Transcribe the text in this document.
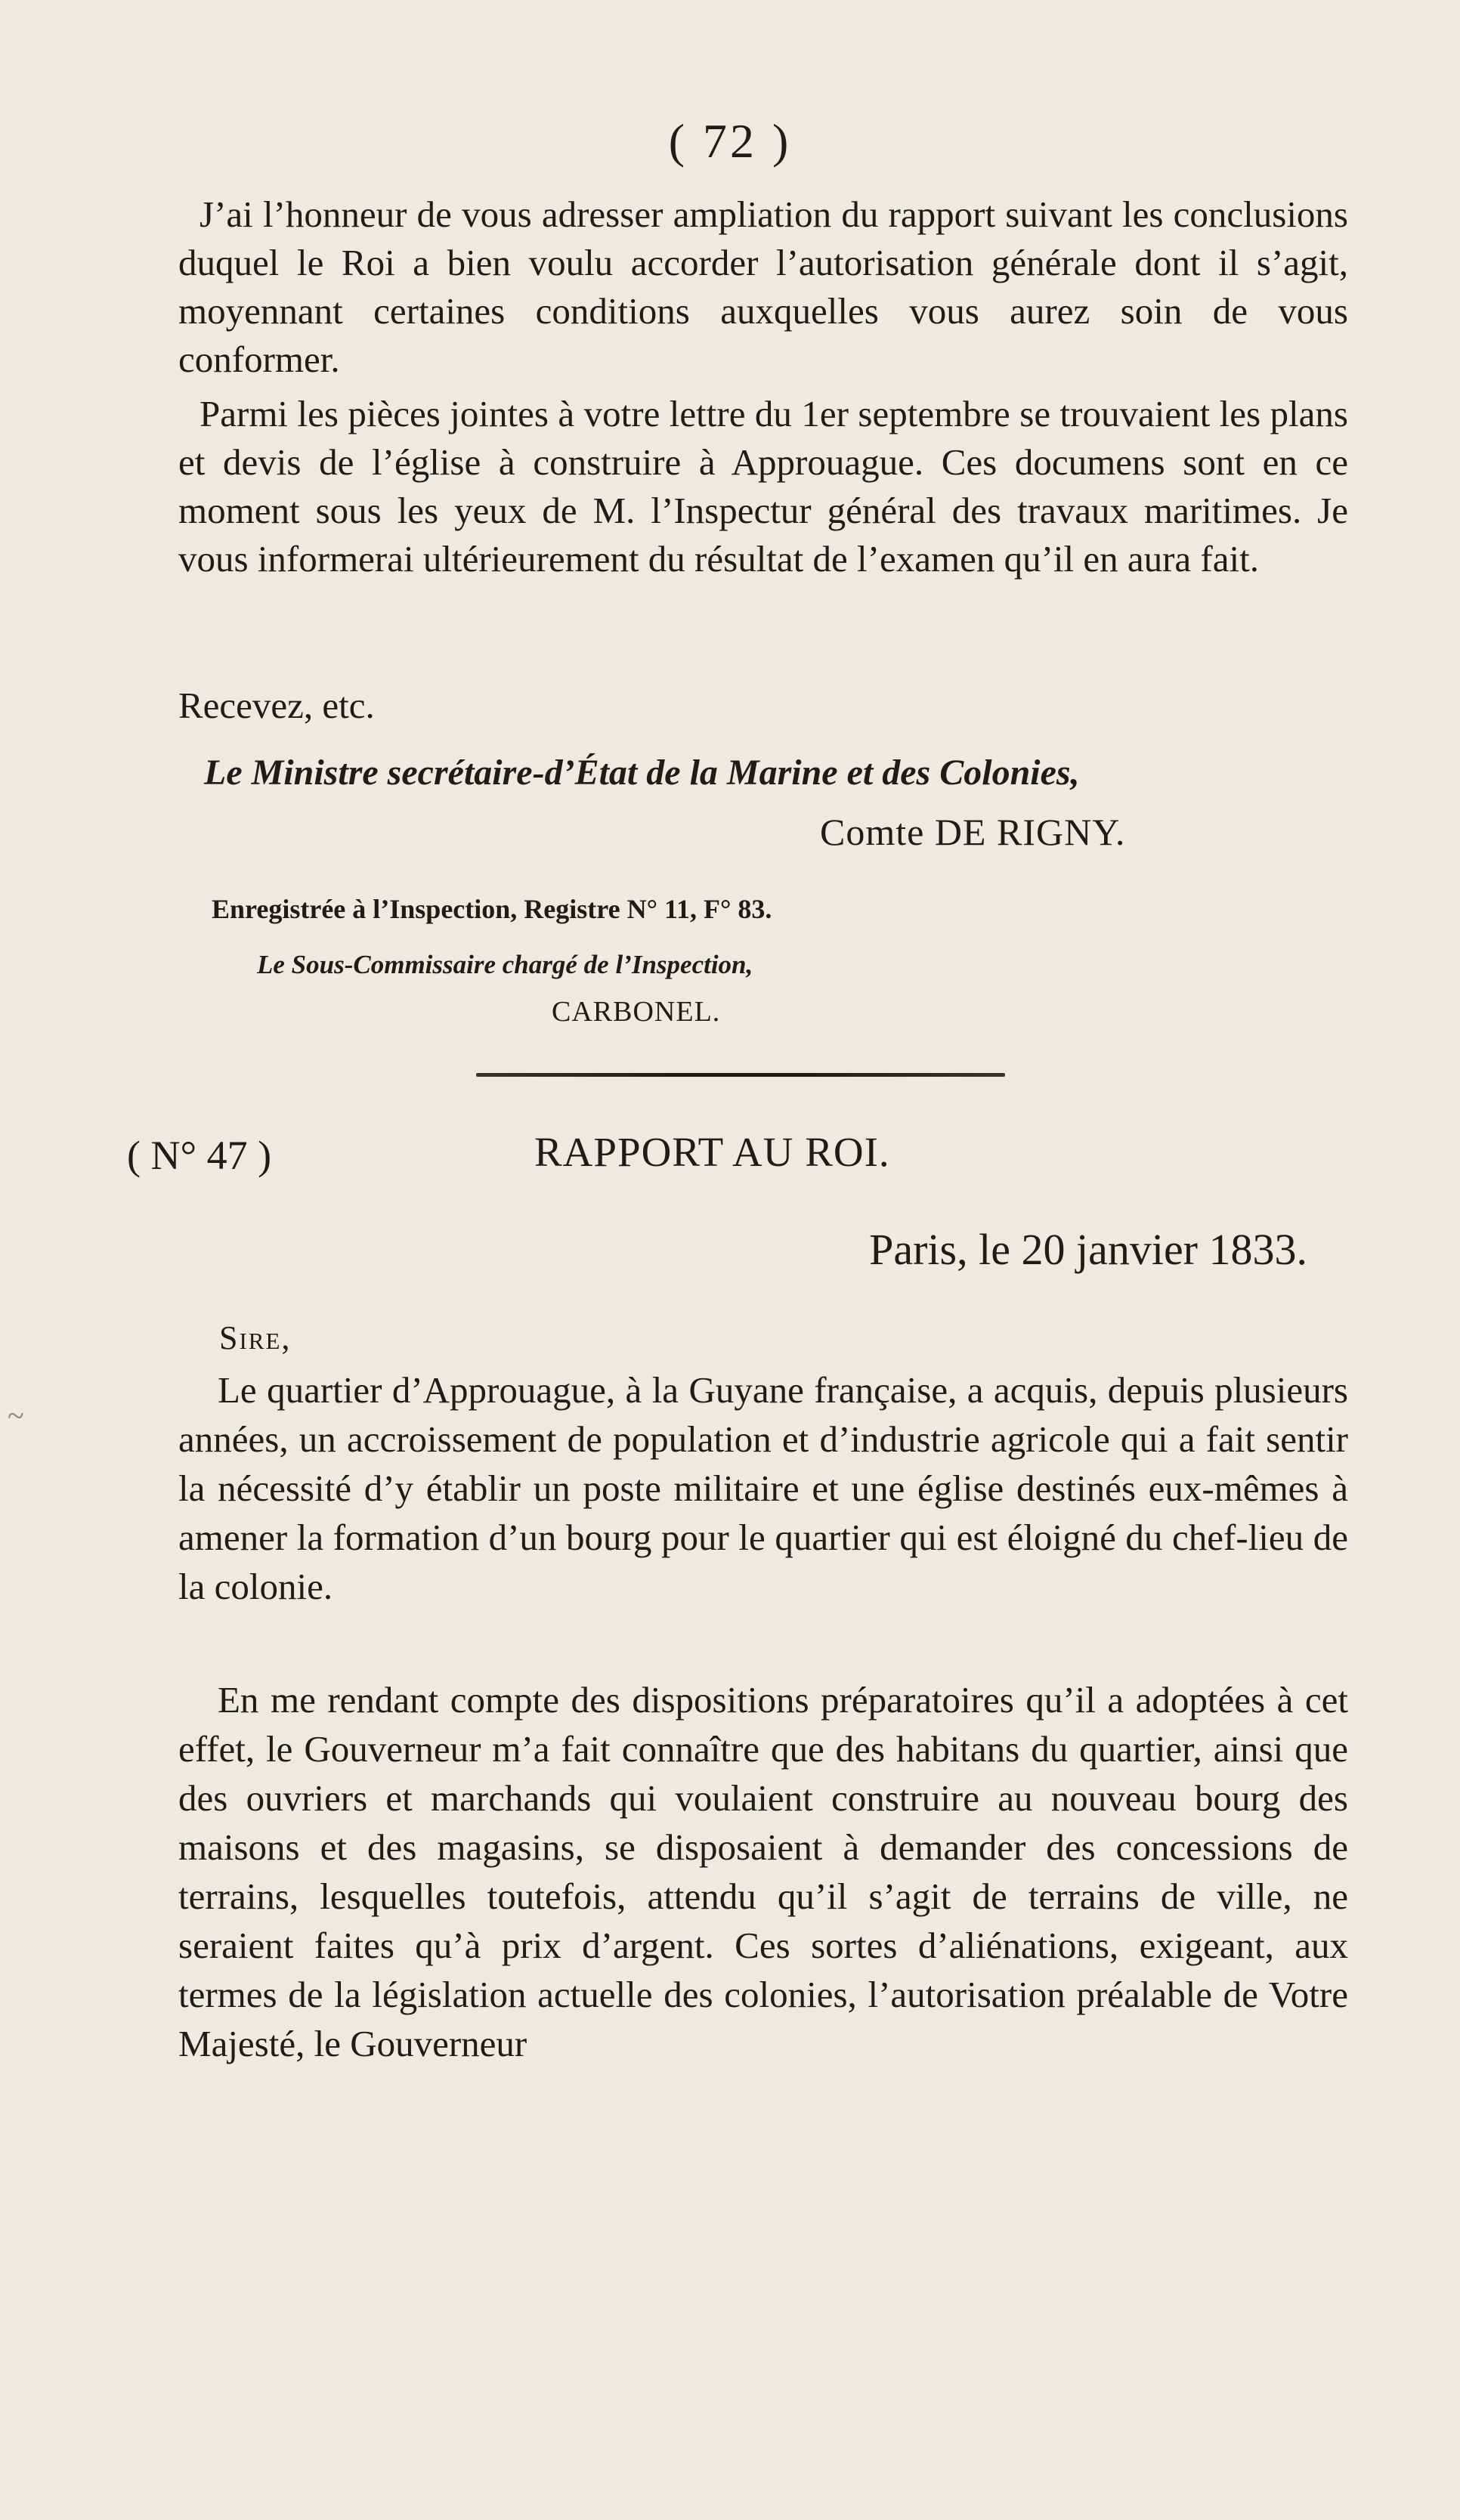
( 72 )

J’ai l’honneur de vous adresser ampliation du rapport suivant les conclusions duquel le Roi a bien voulu accorder l’autorisation générale dont il s’agit, moyennant certaines conditions auxquelles vous aurez soin de vous conformer.

Parmi les pièces jointes à votre lettre du 1er septembre se trouvaient les plans et devis de l’église à construire à Approuague. Ces documens sont en ce moment sous les yeux de M. l’Inspectur général des travaux maritimes. Je vous informerai ultérieurement du résultat de l’examen qu’il en aura fait.

Recevez, etc.
Le Ministre secrétaire-d’État de la Marine et des Colonies,
Comte DE RIGNY.
Enregistrée à l’Inspection, Registre N° 11, F° 83.
Le Sous-Commissaire chargé de l’Inspection,
CARBONEL.
( N° 47 )	RAPPORT AU ROI.
Paris, le 20 janvier 1833.
Sire,

Le quartier d’Approuague, à la Guyane française, a acquis, depuis plusieurs années, un accroissement de population et d’industrie agricole qui a fait sentir la nécessité d’y établir un poste militaire et une église destinés eux-mêmes à amener la formation d’un bourg pour le quartier qui est éloigné du chef-lieu de la colonie.

En me rendant compte des dispositions préparatoires qu’il a adoptées à cet effet, le Gouverneur m’a fait connaître que des habitans du quartier, ainsi que des ouvriers et marchands qui voulaient construire au nouveau bourg des maisons et des magasins, se disposaient à demander des concessions de terrains, lesquelles toutefois, attendu qu’il s’agit de terrains de ville, ne seraient faites qu’à prix d’argent. Ces sortes d’aliénations, exigeant, aux termes de la législation actuelle des colonies, l’autorisation préalable de Votre Majesté, le Gouverneur

~
